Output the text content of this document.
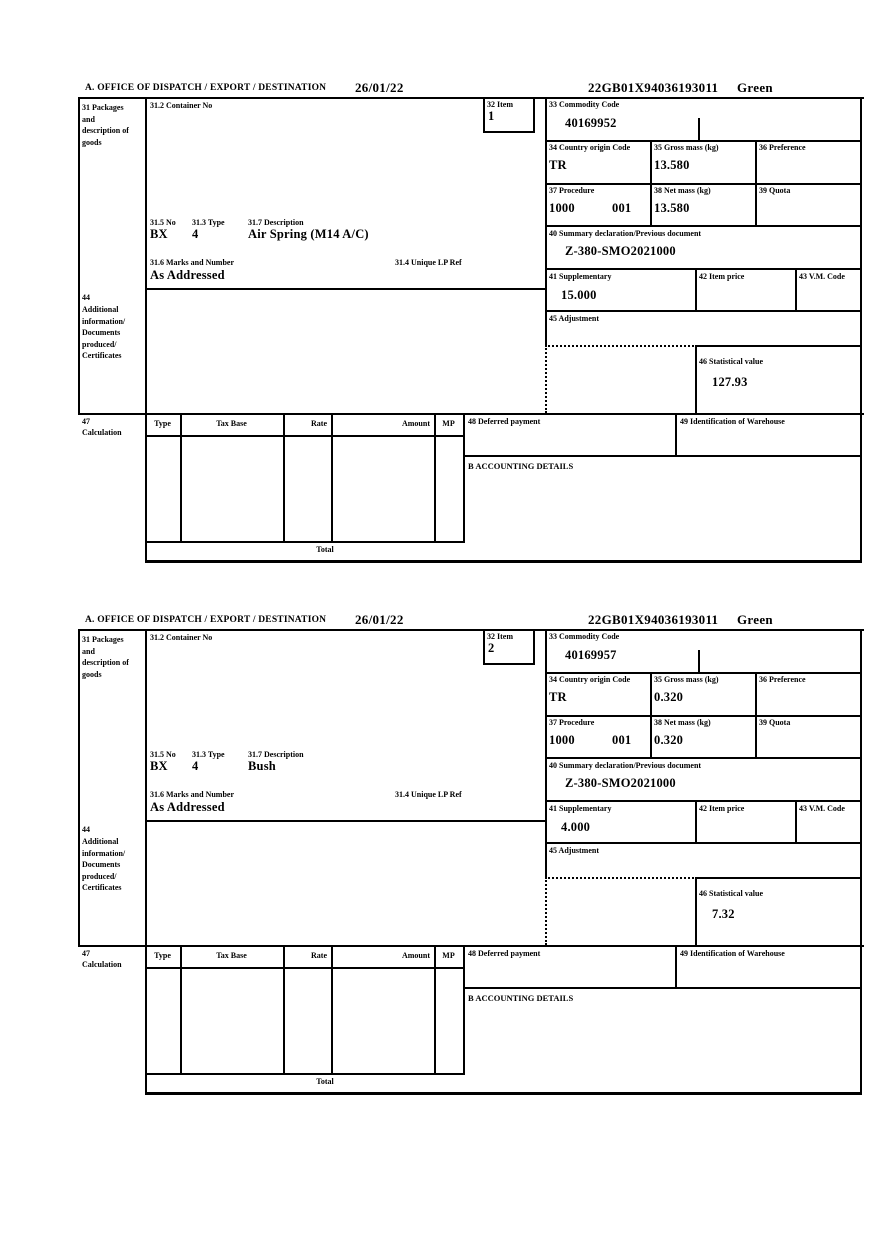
A. OFFICE OF DISPATCH / EXPORT / DESTINATION 26/01/22	22GB01X94036193011 Green
31 Packages and description of goods
44
Additional information/ Documents produced/ Certificates
47
Calculation
31.2 Container No
31.5 No 31.3 Type	31.7 Description
BX 4	Air Spring (M14 A/C)
31.6 Marks and Number	31.4 Unique LP Ref
As Addressed
32 Item
1
33 Commodity Code
40169952
34 Country origin Code
TR
35 Gross mass (kg)
13.580
36 Preference
37 Procedure
1000	001
38 Net mass (kg)
13.580
39 Quota
40 Summary declaration/Previous document
Z-380-SMO2021000
41 Supplementary
15.000
42 Item price	43 V.M. Code
45 Adjustment
46 Statistical value
127.93
Type	Tax Base	Rate	Amount	MP	48 Deferred payment	49 Identification of Warehouse
B ACCOUNTING DETAILS
Total
A. OFFICE OF DISPATCH / EXPORT / DESTINATION 26/01/22	22GB01X94036193011 Green
31 Packages and description of goods
44
Additional information/ Documents produced/ Certificates
47
Calculation
31.2 Container No
31.5 No 31.3 Type	31.7 Description
BX 4	Bush
31.6 Marks and Number	31.4 Unique LP Ref
As Addressed
32 Item
2
33 Commodity Code
40169957
34 Country origin Code
TR
35 Gross mass (kg)
0.320
36 Preference
37 Procedure
1000	001
38 Net mass (kg)
0.320
39 Quota
40 Summary declaration/Previous document
Z-380-SMO2021000
41 Supplementary
4.000
42 Item price	43 V.M. Code
45 Adjustment
46 Statistical value
7.32
Type	Tax Base	Rate	Amount	MP	48 Deferred payment	49 Identification of Warehouse
B ACCOUNTING DETAILS
Total
